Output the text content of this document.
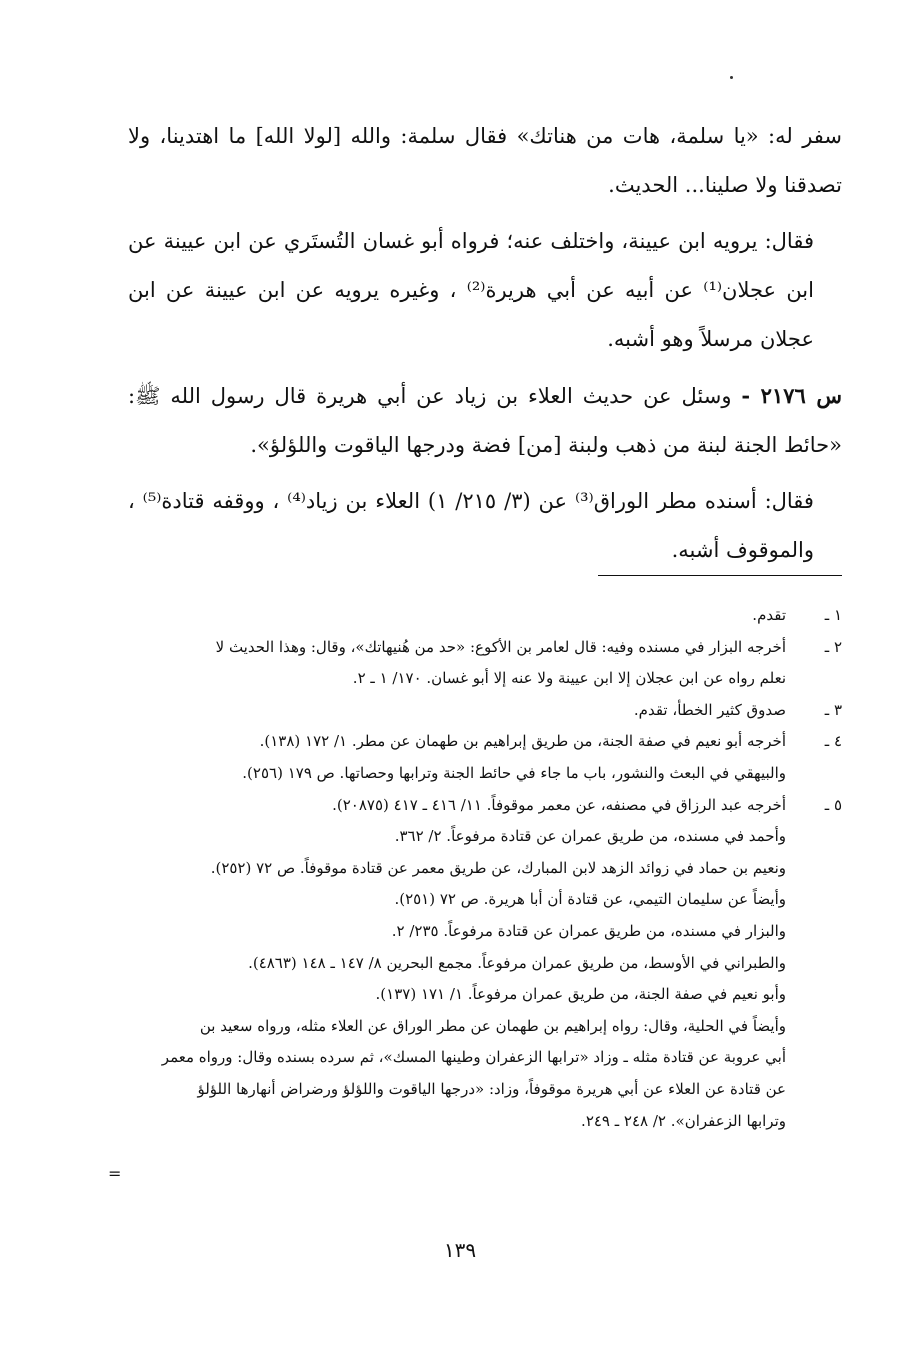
سفر له: «يا سلمة، هات من هناتك» فقال سلمة: والله [لولا الله] ما اهتدينا، ولا تصدقنا ولا صلينا... الحديث.

فقال: يرويه ابن عيينة، واختلف عنه؛ فرواه أبو غسان التُستَري عن ابن عيينة عن ابن عجلان⁽¹⁾ عن أبيه عن أبي هريرة⁽²⁾ ، وغيره يرويه عن ابن عيينة عن ابن عجلان مرسلاً وهو أشبه.

س ٢١٧٦ - وسئل عن حديث العلاء بن زياد عن أبي هريرة قال رسول الله ﷺ: «حائط الجنة لبنة من ذهب ولبنة [من] فضة ودرجها الياقوت واللؤلؤ».

فقال: أسنده مطر الوراق⁽³⁾ عن (٣/ ٢١٥/ ١) العلاء بن زياد⁽⁴⁾ ، ووقفه قتادة⁽⁵⁾ ، والموقوف أشبه.

١ ـ
تقدم.
٢ ـ
أخرجه البزار في مسنده وفيه: قال لعامر بن الأكوع: «حد من هُنيهاتك»، وقال: وهذا الحديث لا
نعلم رواه عن ابن عجلان إلا ابن عيينة ولا عنه إلا أبو غسان. ١٧٠/ ١ ـ ٢.
٣ ـ
صدوق كثير الخطأ، تقدم.
٤ ـ
أخرجه أبو نعيم في صفة الجنة، من طريق إبراهيم بن طهمان عن مطر. ١/ ١٧٢ (١٣٨).
والبيهقي في البعث والنشور، باب ما جاء في حائط الجنة وترابها وحصاتها. ص ١٧٩ (٢٥٦).
٥ ـ
أخرجه عبد الرزاق في مصنفه، عن معمر موقوفاً. ١١/ ٤١٦ ـ ٤١٧ (٢٠٨٧٥).
وأحمد في مسنده، من طريق عمران عن قتادة مرفوعاً. ٢/ ٣٦٢.
ونعيم بن حماد في زوائد الزهد لابن المبارك، عن طريق معمر عن قتادة موقوفاً. ص ٧٢ (٢٥٢).
وأيضاً عن سليمان التيمي، عن قتادة أن أبا هريرة. ص ٧٢ (٢٥١).
والبزار في مسنده، من طريق عمران عن قتادة مرفوعاً. ٢٣٥/ ٢.
والطبراني في الأوسط، من طريق عمران مرفوعاً. مجمع البحرين ٨/ ١٤٧ ـ ١٤٨ (٤٨٦٣).
وأبو نعيم في صفة الجنة، من طريق عمران مرفوعاً. ١/ ١٧١ (١٣٧).
وأيضاً في الحلية، وقال: رواه إبراهيم بن طهمان عن مطر الوراق عن العلاء مثله، ورواه سعيد بن
أبي عروبة عن قتادة مثله ـ وزاد «ترابها الزعفران وطينها المسك»، ثم سرده بسنده وقال: ورواه معمر
عن قتادة عن العلاء عن أبي هريرة موقوفاً، وزاد: «درجها الياقوت واللؤلؤ ورضراض أنهارها اللؤلؤ
وترابها الزعفران». ٢/ ٢٤٨ ـ ٢٤٩.
=
١٣٩
